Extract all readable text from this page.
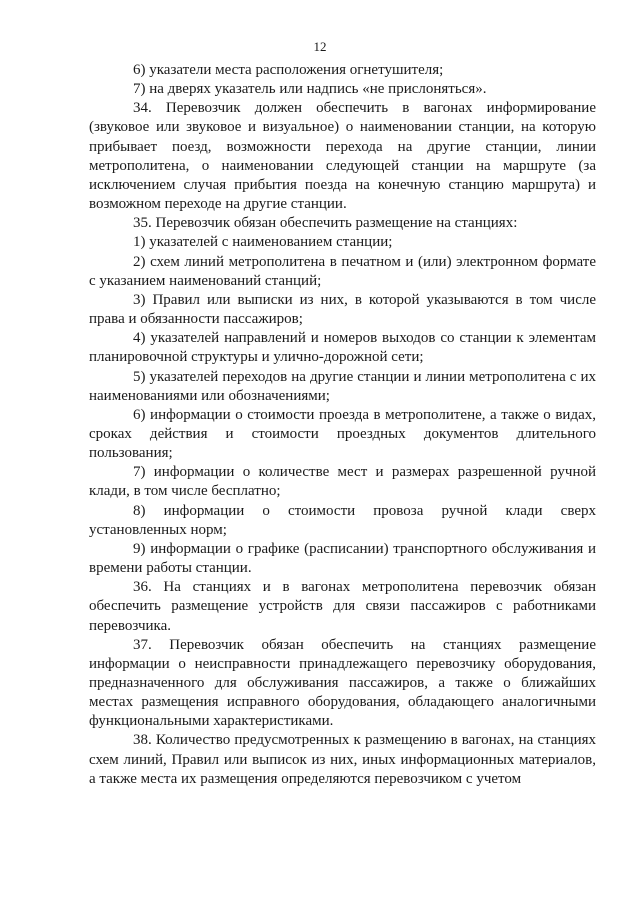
12

6) указатели места расположения огнетушителя;

7) на дверях указатель или надпись «не прислоняться».

34. Перевозчик должен обеспечить в вагонах информирование (звуковое или звуковое и визуальное) о наименовании станции, на которую прибывает поезд, возможности перехода на другие станции, линии метрополитена, о наименовании следующей станции на маршруте (за исключением случая прибытия поезда на конечную станцию маршрута) и возможном переходе на другие станции.

35. Перевозчик обязан обеспечить размещение на станциях:

1) указателей с наименованием станции;

2) схем линий метрополитена в печатном и (или) электронном формате с указанием наименований станций;

3) Правил или выписки из них, в которой указываются в том числе права и обязанности пассажиров;

4) указателей направлений и номеров выходов со станции к элементам планировочной структуры и улично-дорожной сети;

5) указателей переходов на другие станции и линии метрополитена с их наименованиями или обозначениями;

6) информации о стоимости проезда в метрополитене, а также о видах, сроках действия и стоимости проездных документов длительного пользования;

7) информации о количестве мест и размерах разрешенной ручной клади, в том числе бесплатно;

8) информации о стоимости провоза ручной клади сверх установленных норм;

9) информации о графике (расписании) транспортного обслуживания и времени работы станции.

36. На станциях и в вагонах метрополитена перевозчик обязан обеспечить размещение устройств для связи пассажиров с работниками перевозчика.

37. Перевозчик обязан обеспечить на станциях размещение информации о неисправности принадлежащего перевозчику оборудования, предназначенного для обслуживания пассажиров, а также о ближайших местах размещения исправного оборудования, обладающего аналогичными функциональными характеристиками.

38. Количество предусмотренных к размещению в вагонах, на станциях схем линий, Правил или выписок из них, иных информационных материалов, а также места их размещения определяются перевозчиком с учетом
